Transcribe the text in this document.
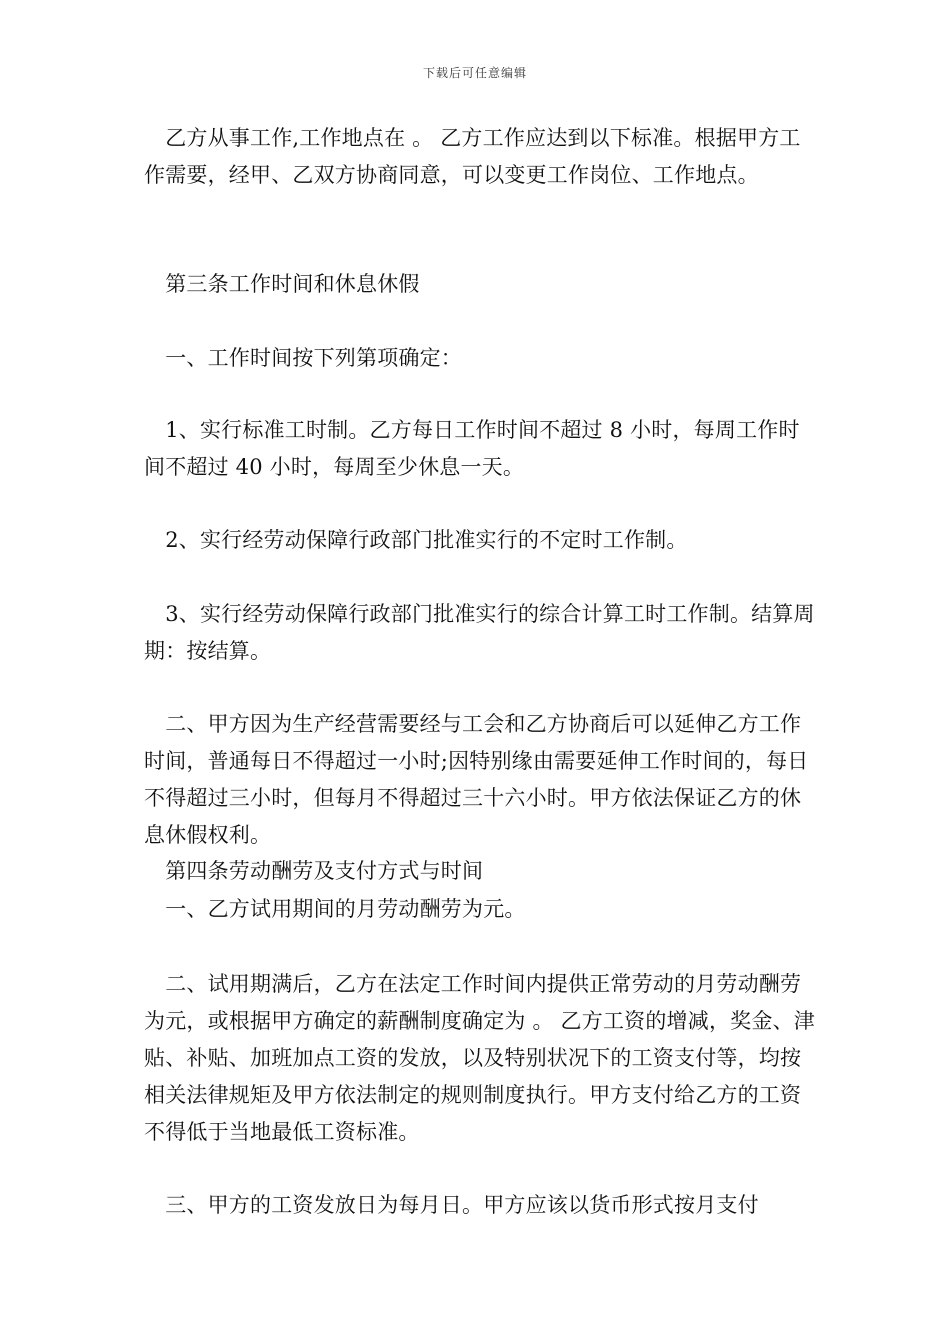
下载后可任意编辑

　乙方从事工作,工作地点在 。 乙方工作应达到以下标准。根据甲方工作需要，经甲、乙双方协商同意，可以变更工作岗位、工作地点。

　第三条工作时间和休息休假

　一、工作时间按下列第项确定：

　1、实行标准工时制。乙方每日工作时间不超过 8 小时，每周工作时间不超过 40 小时，每周至少休息一天。

　2、实行经劳动保障行政部门批准实行的不定时工作制。

　3、实行经劳动保障行政部门批准实行的综合计算工时工作制。结算周期：按结算。

　二、甲方因为生产经营需要经与工会和乙方协商后可以延伸乙方工作时间，普通每日不得超过一小时;因特别缘由需要延伸工作时间的，每日不得超过三小时，但每月不得超过三十六小时。甲方依法保证乙方的休息休假权利。

　第四条劳动酬劳及支付方式与时间

　一、乙方试用期间的月劳动酬劳为元。

　二、试用期满后，乙方在法定工作时间内提供正常劳动的月劳动酬劳为元，或根据甲方确定的薪酬制度确定为 。 乙方工资的增减，奖金、津贴、补贴、加班加点工资的发放，以及特别状况下的工资支付等，均按相关法律规矩及甲方依法制定的规则制度执行。甲方支付给乙方的工资不得低于当地最低工资标准。

　三、甲方的工资发放日为每月日。甲方应该以货币形式按月支付
